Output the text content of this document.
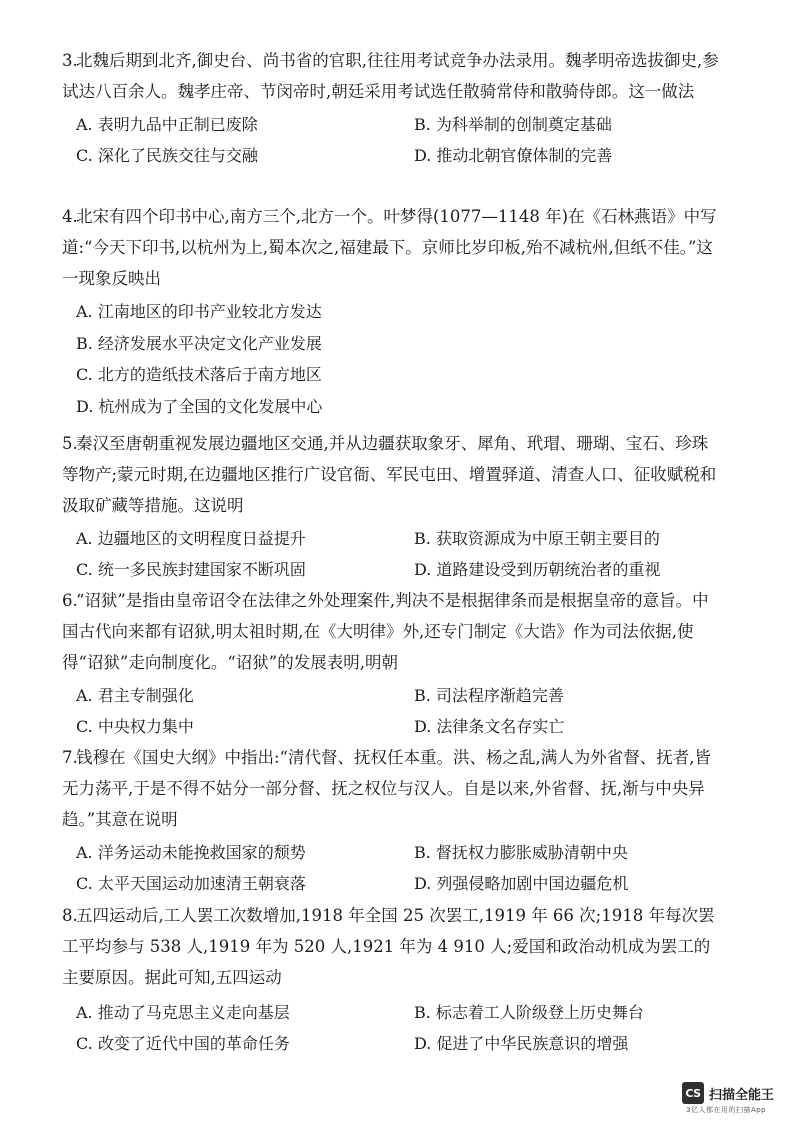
3.北魏后期到北齐,御史台、尚书省的官职,往往用考试竞争办法录用。魏孝明帝选拔御史,参试达八百余人。魏孝庄帝、节闵帝时,朝廷采用考试选任散骑常侍和散骑侍郎。这一做法

A. 表明九品中正制已废除	B. 为科举制的创制奠定基础
C. 深化了民族交往与交融	D. 推动北朝官僚体制的完善

4.北宋有四个印书中心,南方三个,北方一个。叶梦得(1077—1148 年)在《石林燕语》中写道:“今天下印书,以杭州为上,蜀本次之,福建最下。京师比岁印板,殆不减杭州,但纸不佳。”这一现象反映出

A. 江南地区的印书产业较北方发达
B. 经济发展水平决定文化产业发展
C. 北方的造纸技术落后于南方地区
D. 杭州成为了全国的文化发展中心

5.秦汉至唐朝重视发展边疆地区交通,并从边疆获取象牙、犀角、玳瑁、珊瑚、宝石、珍珠等物产;蒙元时期,在边疆地区推行广设官衙、军民屯田、增置驿道、清查人口、征收赋税和汲取矿藏等措施。这说明

A. 边疆地区的文明程度日益提升	B. 获取资源成为中原王朝主要目的
C. 统一多民族封建国家不断巩固	D. 道路建设受到历朝统治者的重视

6.“诏狱”是指由皇帝诏令在法律之外处理案件,判决不是根据律条而是根据皇帝的意旨。中国古代向来都有诏狱,明太祖时期,在《大明律》外,还专门制定《大诰》作为司法依据,使得“诏狱”走向制度化。“诏狱”的发展表明,明朝

A. 君主专制强化	B. 司法程序渐趋完善
C. 中央权力集中	D. 法律条文名存实亡

7.钱穆在《国史大纲》中指出:“清代督、抚权任本重。洪、杨之乱,满人为外省督、抚者,皆无力荡平,于是不得不姑分一部分督、抚之权位与汉人。自是以来,外省督、抚,渐与中央异趋。”其意在说明

A. 洋务运动未能挽救国家的颓势	B. 督抚权力膨胀威胁清朝中央
C. 太平天国运动加速清王朝衰落	D. 列强侵略加剧中国边疆危机

8.五四运动后,工人罢工次数增加,1918 年全国 25 次罢工,1919 年 66 次;1918 年每次罢工平均参与 538 人,1919 年为 520 人,1921 年为 4 910 人;爱国和政治动机成为罢工的主要原因。据此可知,五四运动

A. 推动了马克思主义走向基层	B. 标志着工人阶级登上历史舞台
C. 改变了近代中国的革命任务	D. 促进了中华民族意识的增强
CS 扫描全能王
3亿人都在用的扫描App
